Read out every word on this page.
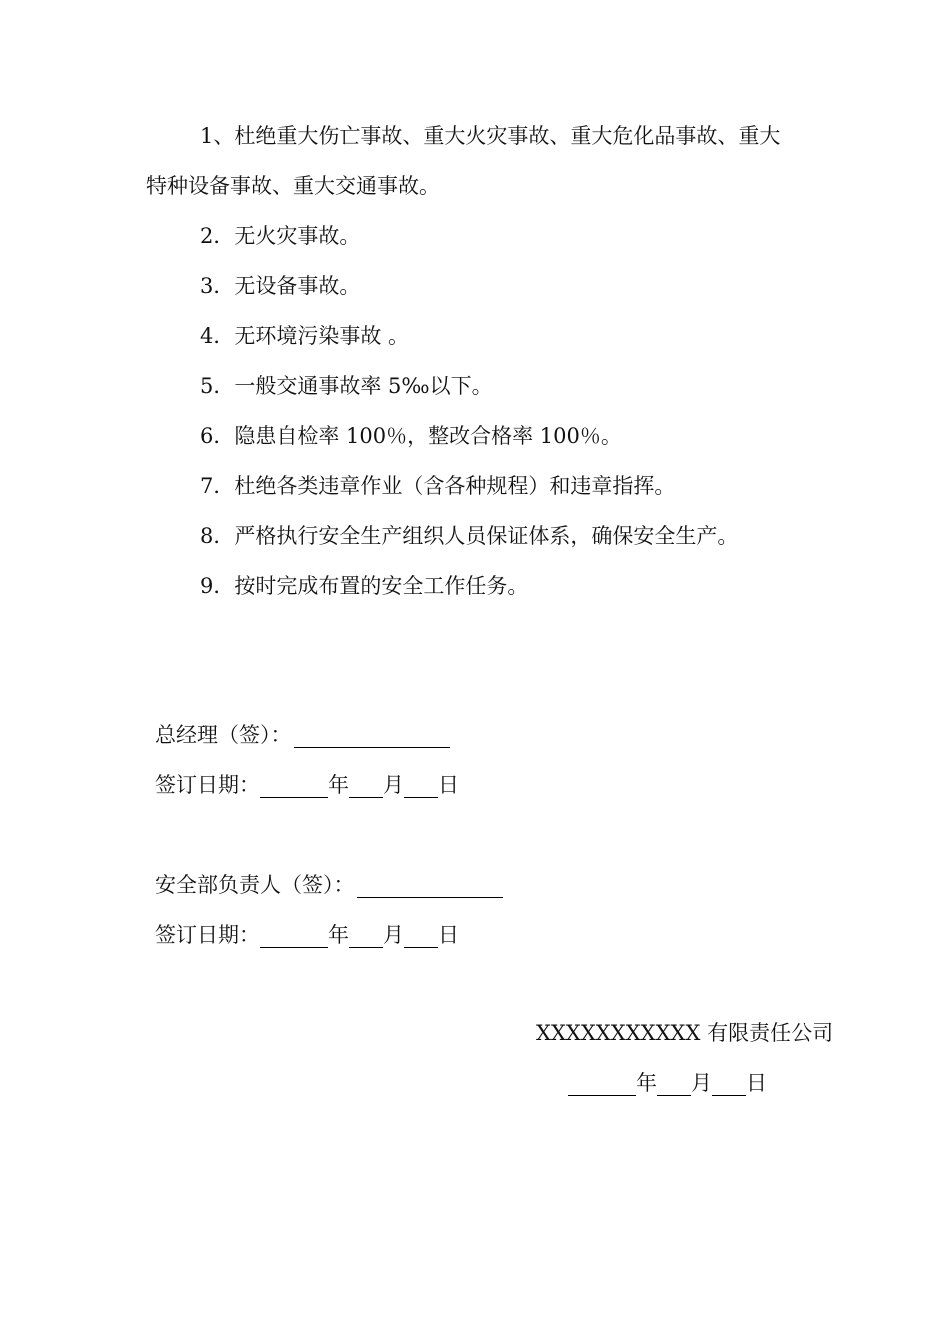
1、杜绝重大伤亡事故、重大火灾事故、重大危化品事故、重大
特种设备事故、重大交通事故。
2．无火灾事故。
3．无设备事故。
4．无环境污染事故 。
5．一般交通事故率 5‰以下。
6．隐患自检率 100％，整改合格率 100％。
7．杜绝各类违章作业（含各种规程）和违章指挥。
8．严格执行安全生产组织人员保证体系，确保安全生产。
9．按时完成布置的安全工作任务。
总经理（签）：
签订日期：	年 月 日
安全部负责人（签）：
签订日期：	年 月 日
XXXXXXXXXXX 有限责任公司
年 月 日
